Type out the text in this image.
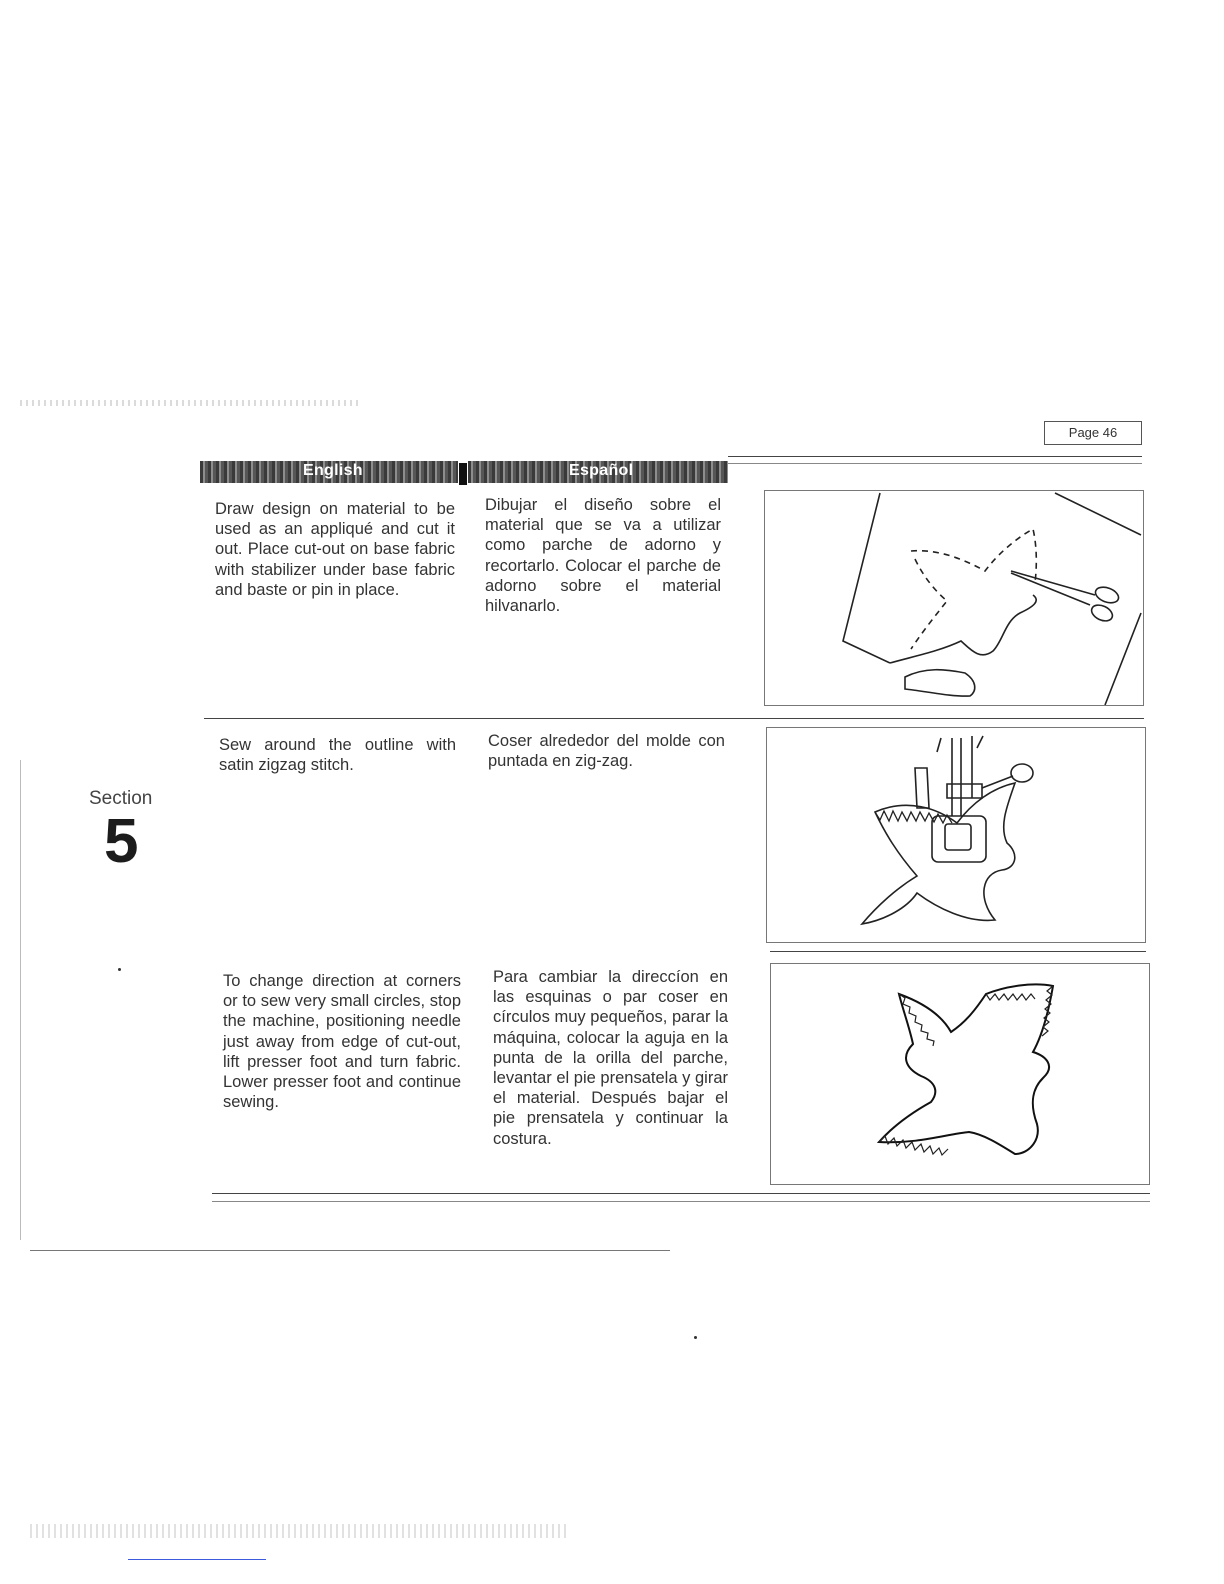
Page 46
English	Español
Section
5
Draw design on material to be used as an appliqué and cut it out. Place cut-out on base fabric with stabilizer under base fabric and baste or pin in place.
Dibujar el diseño sobre el material que se va a utilizar como parche de adorno y recortarlo. Colocar el parche de adorno sobre el material hilvanarlo.
Sew around the outline with satin zigzag stitch.
Coser alrededor del molde con puntada en zig-zag.
To change direction at corners or to sew very small circles, stop the machine, positioning needle just away from edge of cut-out, lift presser foot and turn fabric. Lower presser foot and continue sewing.
Para cambiar la direccíon en las esquinas o par coser en círculos muy pequeños, parar la máquina, colocar la aguja en la punta de la orilla del parche, levantar el pie prensatela y girar el material. Después bajar el pie prensatela y continuar la costura.
